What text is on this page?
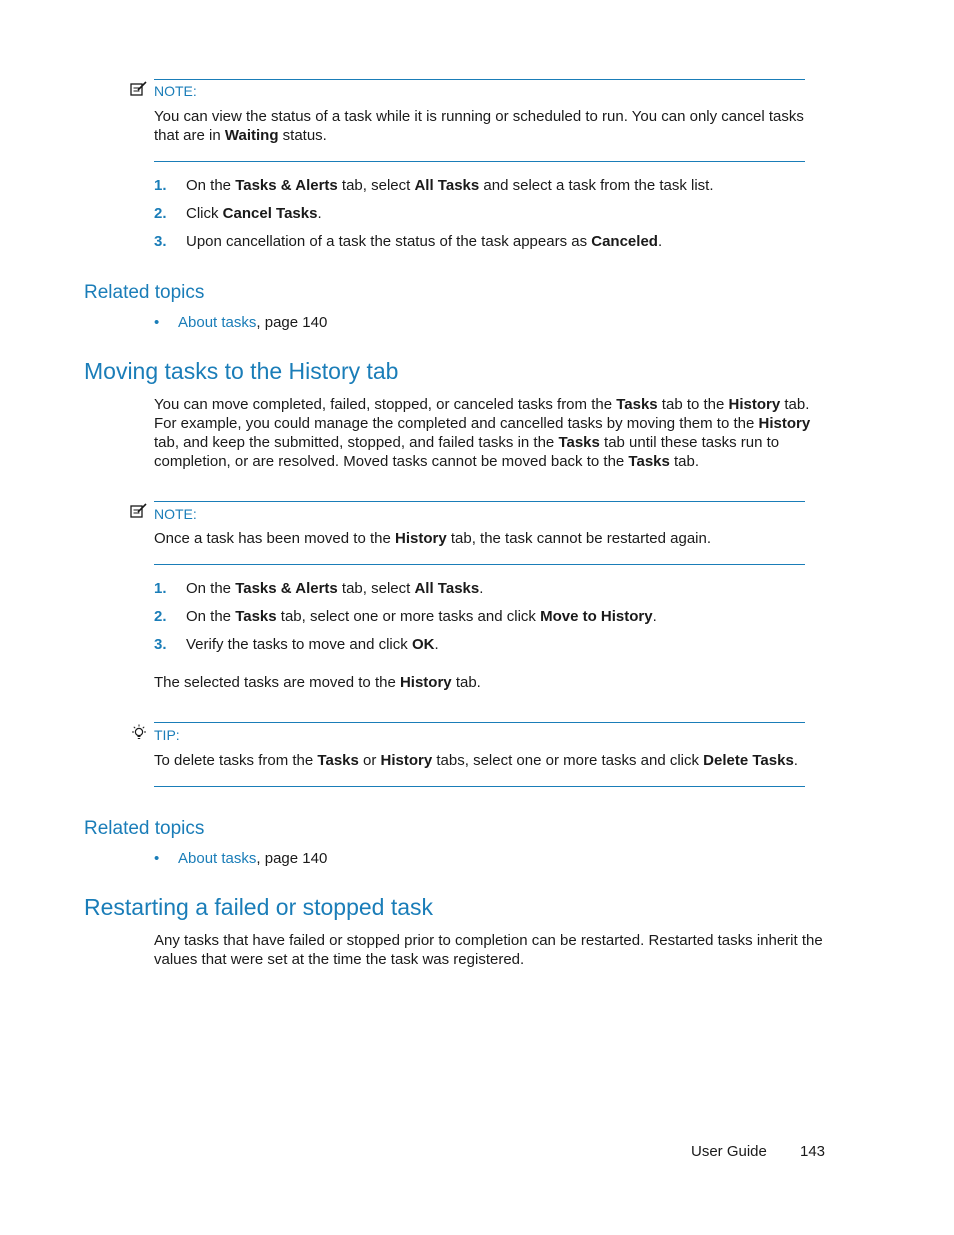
NOTE:
You can view the status of a task while it is running or scheduled to run. You can only cancel tasks that are in Waiting status.
1. On the Tasks & Alerts tab, select All Tasks and select a task from the task list.
2. Click Cancel Tasks.
3. Upon cancellation of a task the status of the task appears as Canceled.
Related topics
• About tasks, page 140
Moving tasks to the History tab
You can move completed, failed, stopped, or canceled tasks from the Tasks tab to the History tab. For example, you could manage the completed and cancelled tasks by moving them to the History tab, and keep the submitted, stopped, and failed tasks in the Tasks tab until these tasks run to completion, or are resolved. Moved tasks cannot be moved back to the Tasks tab.
NOTE:
Once a task has been moved to the History tab, the task cannot be restarted again.
1. On the Tasks & Alerts tab, select All Tasks.
2. On the Tasks tab, select one or more tasks and click Move to History.
3. Verify the tasks to move and click OK.
The selected tasks are moved to the History tab.
TIP:
To delete tasks from the Tasks or History tabs, select one or more tasks and click Delete Tasks.
Related topics
• About tasks, page 140
Restarting a failed or stopped task
Any tasks that have failed or stopped prior to completion can be restarted. Restarted tasks inherit the values that were set at the time the task was registered.
User Guide 143
